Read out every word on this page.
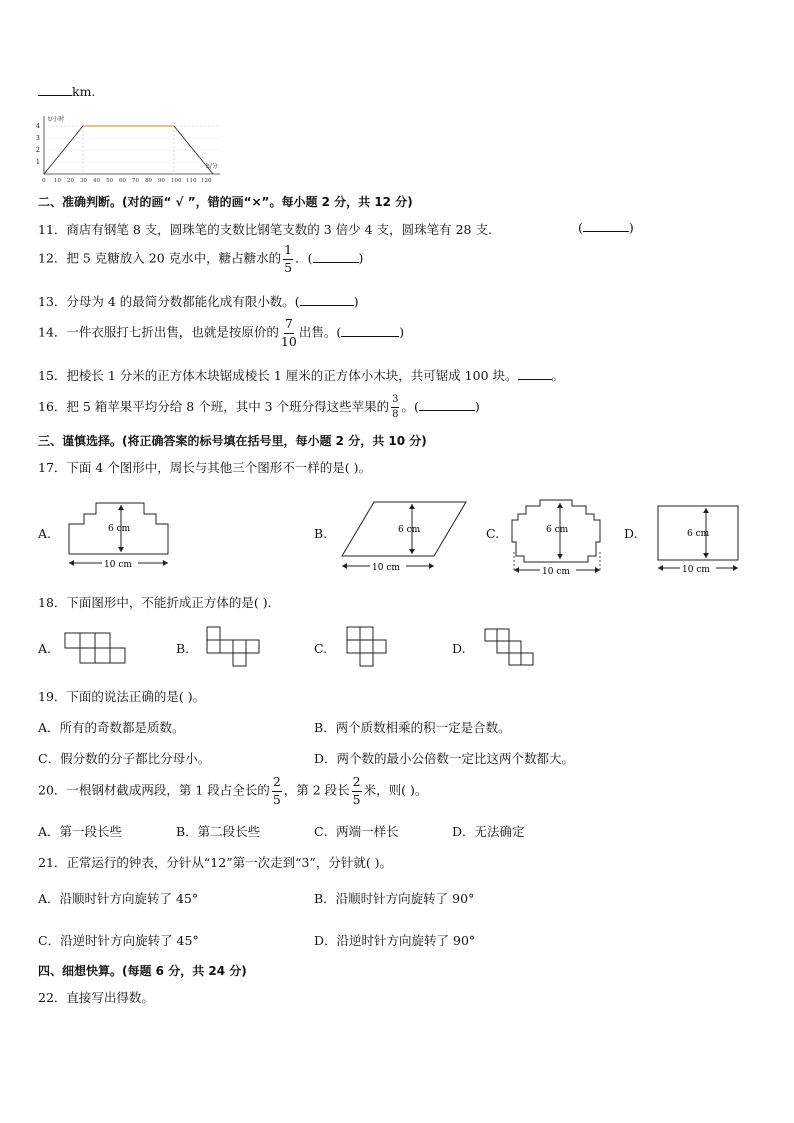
km.
t/小时
h/分
1
2
3
4
0 10 20 30 40 50 60 70 80 90 100 110 120
二、准确判断。(对的画“ √ ”，错的画“×”。每小题 2 分，共 12 分)
11．商店有钢笔 8 支，圆珠笔的支数比钢笔支数的 3 倍少 4 支，圆珠笔有 28 支.	(	)
12．把 5 克糖放入 20 克水中，糖占糖水的 $\frac{1}{5}$ ．(	)
13．分母为 4 的最简分数都能化成有限小数。(	)
14．一件衣服打七折出售，也就是按原价的 $\frac{7}{10}$ 出售。(	)
15．把棱长 1 分米的正方体木块锯成棱长 1 厘米的正方体小木块，共可锯成 100 块。	。
16．把 5 箱苹果平均分给 8 个班，其中 3 个班分得这些苹果的 $\frac{3}{8}$ 。(	)
三、谨慎选择。(将正确答案的标号填在括号里，每小题 2 分，共 10 分)
17．下面 4 个图形中，周长与其他三个图形不一样的是( )。
A.	6 cm
10 cm
B.	6 cm
10 cm
C.	6 cm
10 cm
D.	6 cm
10 cm
18．下面图形中，不能折成正方体的是( )．
A.	B.	C.	D.
19．下面的说法正确的是( )。
A．所有的奇数都是质数。	B．两个质数相乘的积一定是合数。
C．假分数的分子都比分母小。	D．两个数的最小公倍数一定比这两个数都大。
20．一根钢材截成两段，第 1 段占全长的 $\frac{2}{5}$ ，第 2 段长 $\frac{2}{5}$ 米，则( )。
A．第一段长些	B．第二段长些	C．两端一样长	D．无法确定
21．正常运行的钟表，分针从“12”第一次走到“3”，分针就( )。
A．沿顺时针方向旋转了 45°	B．沿顺时针方向旋转了 90°
C．沿逆时针方向旋转了 45°	D．沿逆时针方向旋转了 90°
四、细想快算。(每题 6 分，共 24 分)
22．直接写出得数。
